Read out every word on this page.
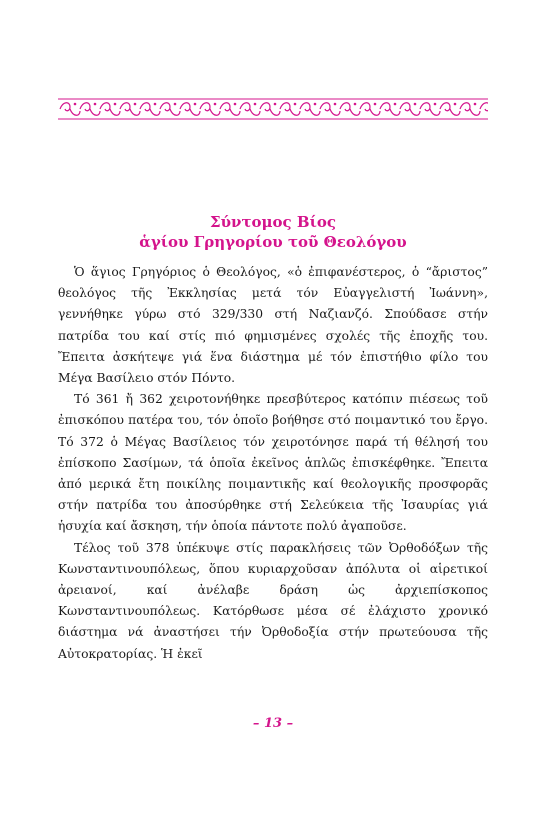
Σύντομος Βίος
ἁγίου Γρηγορίου τοῦ Θεολόγου

Ὁ ἅγιος Γρηγόριος ὁ Θεολόγος, «ὁ ἐπιφανέστερος, ὁ “ἄριστος” θεολόγος τῆς Ἐκκλησίας μετά τόν Εὐαγγελιστή Ἰωάννη», γεννήθηκε γύρω στό 329/330 στή Ναζιανζό. Σπούδασε στήν πατρίδα του καί στίς πιό φημισμένες σχολές τῆς ἐποχῆς του. Ἔπειτα ἀσκήτεψε γιά ἕνα διάστημα μέ τόν ἐπιστήθιο φίλο του Μέγα Βασίλειο στόν Πόντο.

Τό 361 ἤ 362 χειροτονήθηκε πρεσβύτερος κατόπιν πιέσεως τοῦ ἐπισκόπου πατέρα του, τόν ὁποῖο βοήθησε στό ποιμαντικό του ἔργο. Τό 372 ὁ Μέγας Βασίλειος τόν χειροτόνησε παρά τή θέλησή του ἐπίσκοπο Σασίμων, τά ὁποῖα ἐκεῖνος ἁπλῶς ἐπισκέφθηκε. Ἔπειτα ἀπό μερικά ἔτη ποικίλης ποιμαντικῆς καί θεολογικῆς προσφορᾶς στήν πατρίδα του ἀποσύρθηκε στή Σελεύκεια τῆς Ἰσαυρίας γιά ἡσυχία καί ἄσκηση, τήν ὁποία πάντοτε πολύ ἀγαποῦσε.

Τέλος τοῦ 378 ὑπέκυψε στίς παρακλήσεις τῶν Ὀρθοδόξων τῆς Κωνσταντινουπόλεως, ὅπου κυριαρχοῦσαν ἀπόλυτα οἱ αἱρετικοί ἀρειανοί, καί ἀνέλαβε δράση ὡς ἀρχιεπίσκοπος Κωνσταντινουπόλεως. Κατόρθωσε μέσα σέ ἐλάχιστο χρονικό διάστημα νά ἀναστήσει τήν Ὀρθοδοξία στήν πρωτεύουσα τῆς Αὐτοκρατορίας. Ἡ ἐκεῖ

– 13 –
